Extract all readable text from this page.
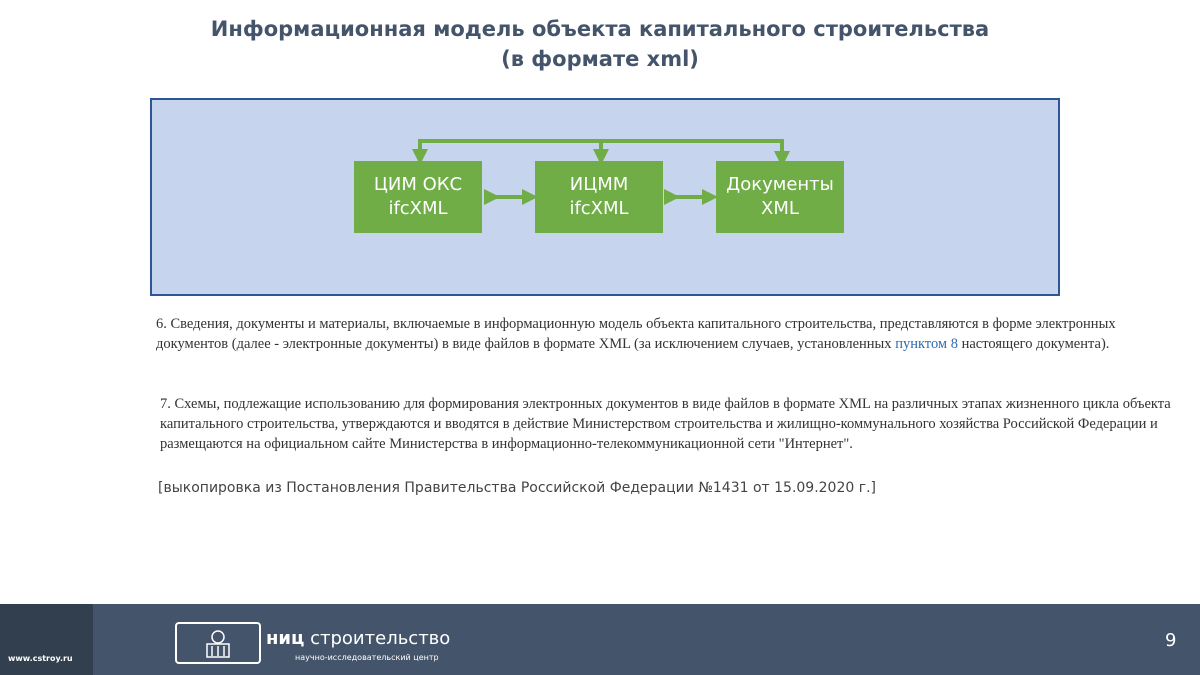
Информационная модель объекта капитального строительства
(в формате xml)
ЦИМ ОКС
ifcXML
ИЦММ
ifcXML
Документы
XML
6. Сведения, документы и материалы, включаемые в информационную модель объекта капитального строительства, представляются в форме электронных документов (далее - электронные документы) в виде файлов в формате XML (за исключением случаев, установленных пунктом 8 настоящего документа).
7. Схемы, подлежащие использованию для формирования электронных документов в виде файлов в формате XML на различных этапах жизненного цикла объекта капитального строительства, утверждаются и вводятся в действие Министерством строительства и жилищно-коммунального хозяйства Российской Федерации и размещаются на официальном сайте Министерства в информационно-телекоммуникационной сети "Интернет".
[выкопировка из Постановления Правительства Российской Федерации №1431 от 15.09.2020 г.]
www.cstroy.ru
ниц строительство
научно-исследовательский центр
9
